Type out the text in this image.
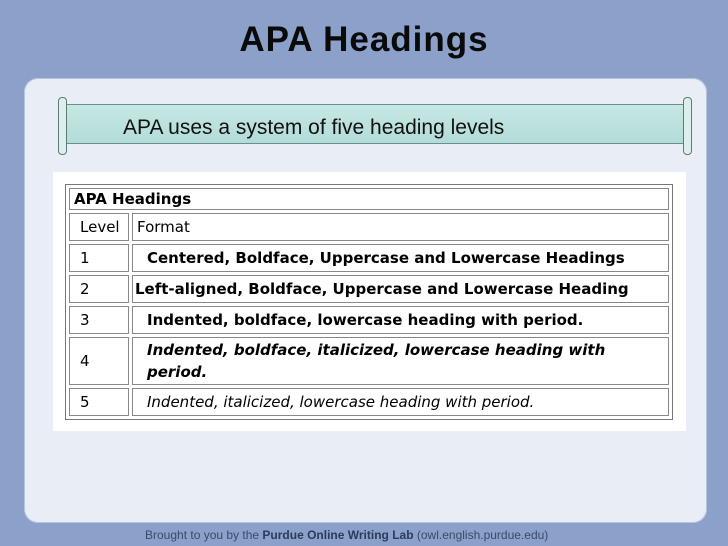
APA Headings
APA uses a system of five heading levels
APA Headings	
Level	Format
1	Centered, Boldface, Uppercase and Lowercase Headings
2	Left-aligned, Boldface, Uppercase and Lowercase Heading
3	Indented, boldface, lowercase heading with period.
4	Indented, boldface, italicized, lowercase heading with period.
5	Indented, italicized, lowercase heading with period.
Brought to you by the Purdue Online Writing Lab (owl.english.purdue.edu)
